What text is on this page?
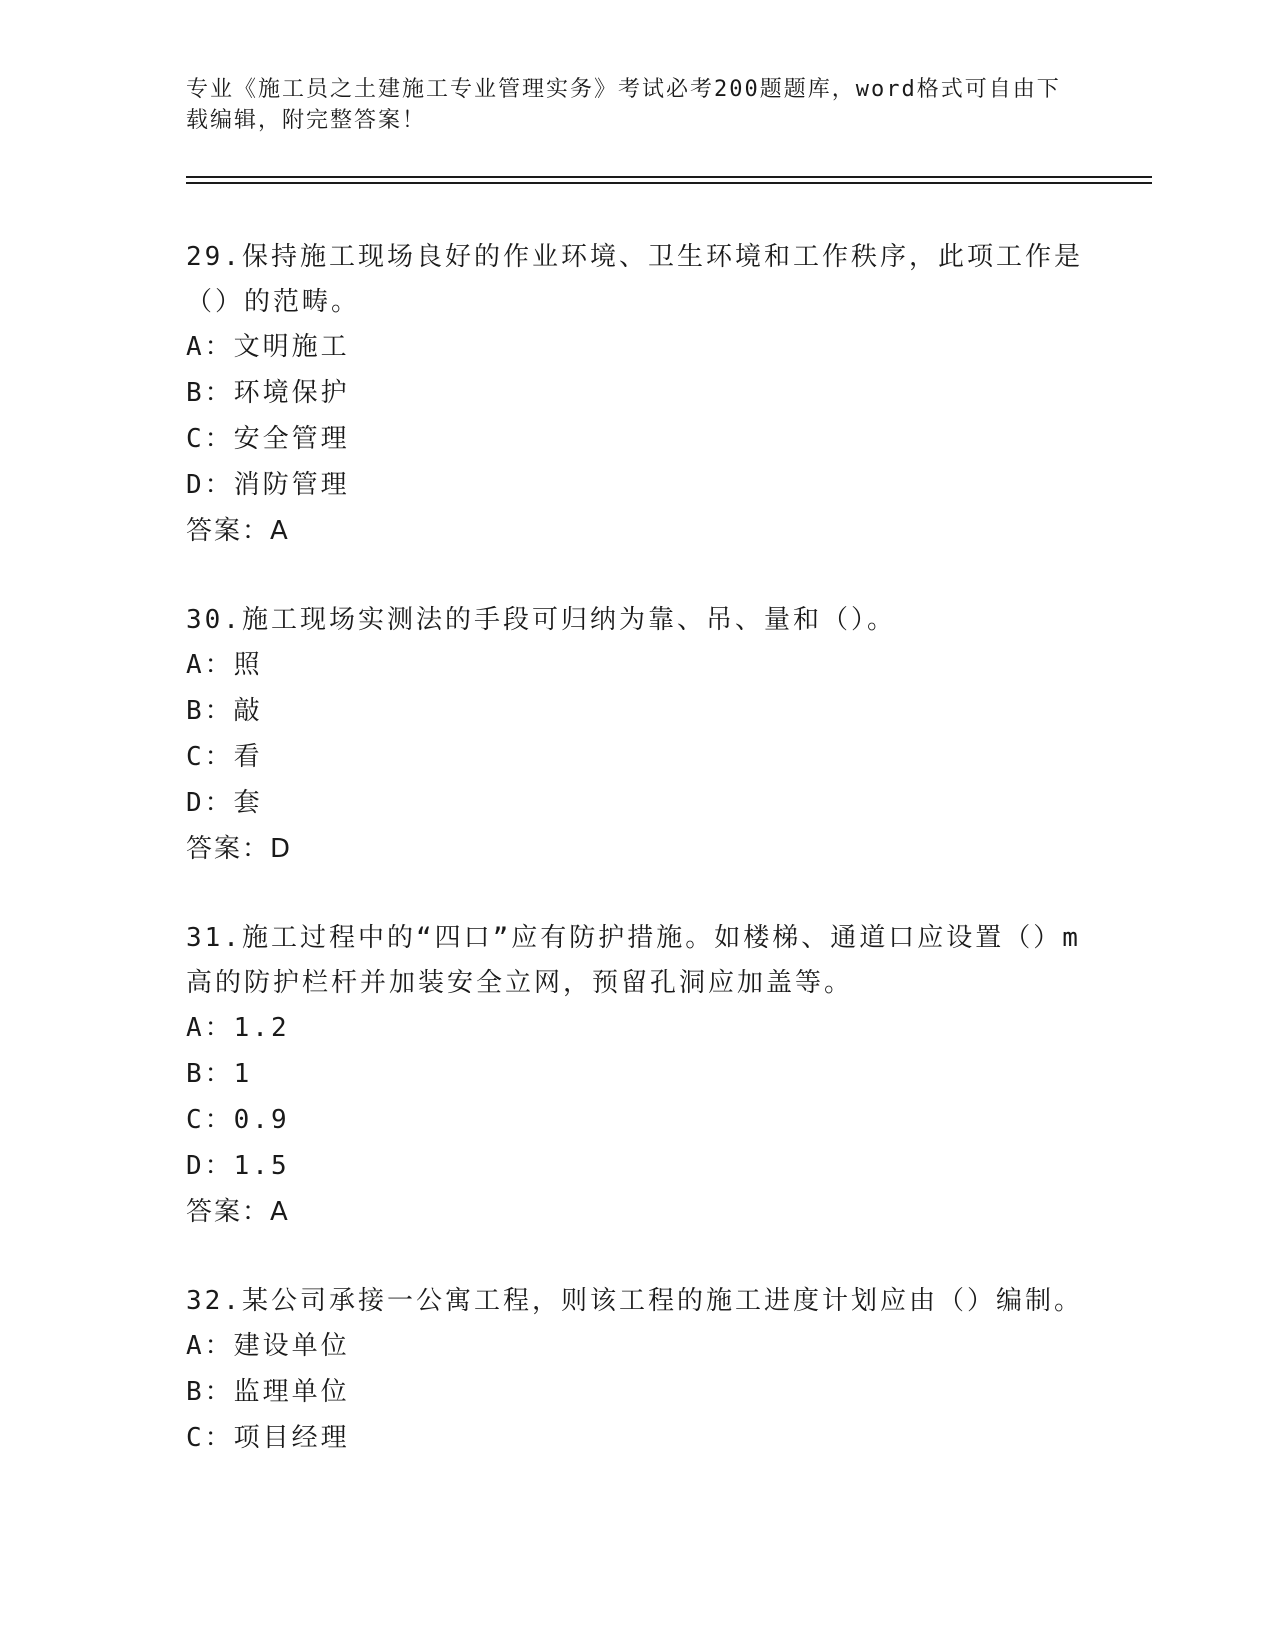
专业《施工员之土建施工专业管理实务》考试必考200题题库，word格式可自由下载编辑，附完整答案！
29.保持施工现场良好的作业环境、卫生环境和工作秩序，此项工作是（）的范畴。
A：文明施工
B：环境保护
C：安全管理
D：消防管理
答案：A
30.施工现场实测法的手段可归纳为靠、吊、量和（）。
A：照
B：敲
C：看
D：套
答案：D
31.施工过程中的“四口”应有防护措施。如楼梯、通道口应设置（）m高的防护栏杆并加装安全立网，预留孔洞应加盖等。
A：1.2
B：1
C：0.9
D：1.5
答案：A
32.某公司承接一公寓工程，则该工程的施工进度计划应由（）编制。
A：建设单位
B：监理单位
C：项目经理
